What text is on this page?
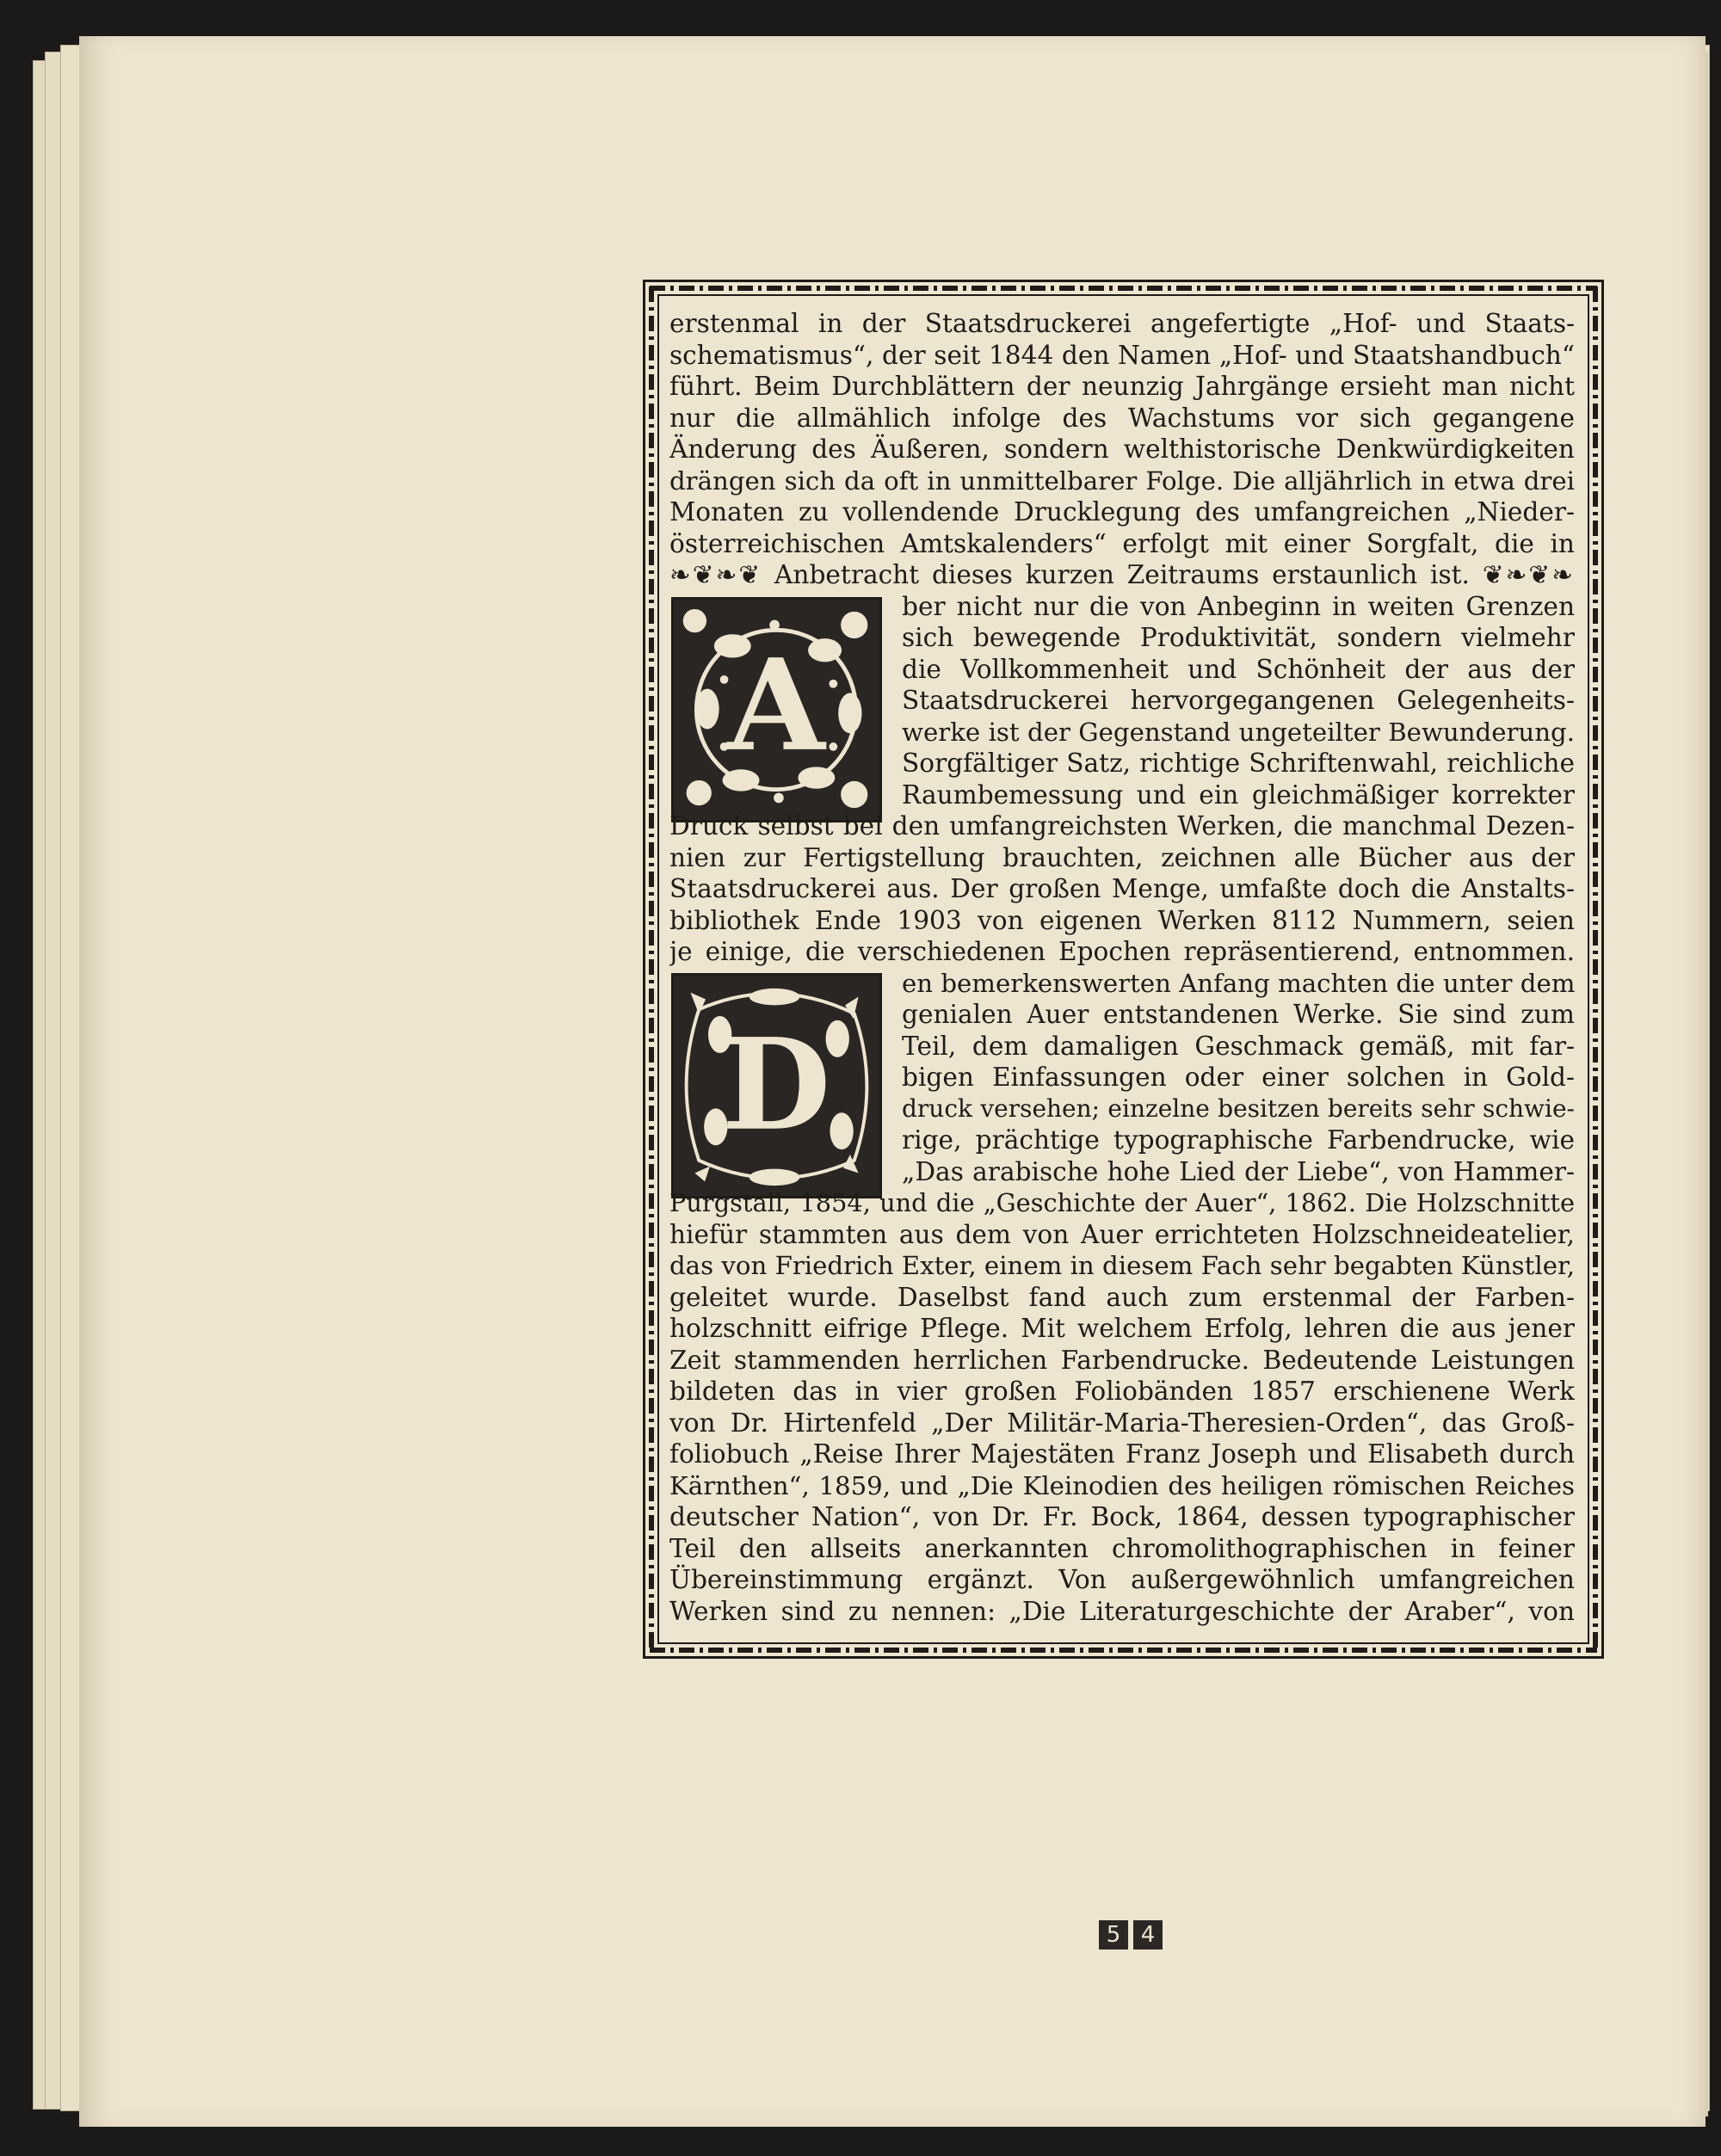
A
D
erstenmal in der Staatsdruckerei angefertigte „Hof- und Staats-
schematismus“, der seit 1844 den Namen „Hof- und Staatshandbuch“
führt. Beim Durchblättern der neunzig Jahrgänge ersieht man nicht
nur die allmählich infolge des Wachstums vor sich gegangene
Änderung des Äußeren, sondern welthistorische Denkwürdigkeiten
drängen sich da oft in unmittelbarer Folge. Die alljährlich in etwa drei
Monaten zu vollendende Drucklegung des umfangreichen „Nieder-
österreichischen Amtskalenders“ erfolgt mit einer Sorgfalt, die in
❧❦❧❦ Anbetracht dieses kurzen Zeitraums erstaunlich ist. ❦❧❦❧
ber nicht nur die von Anbeginn in weiten Grenzen
sich bewegende Produktivität, sondern vielmehr
die Vollkommenheit und Schönheit der aus der
Staatsdruckerei hervorgegangenen Gelegenheits-
werke ist der Gegenstand ungeteilter Bewunderung.
Sorgfältiger Satz, richtige Schriftenwahl, reichliche
Raumbemessung und ein gleichmäßiger korrekter
Druck selbst bei den umfangreichsten Werken, die manchmal Dezen-
nien zur Fertigstellung brauchten, zeichnen alle Bücher aus der
Staatsdruckerei aus. Der großen Menge, umfaßte doch die Anstalts-
bibliothek Ende 1903 von eigenen Werken 8112 Nummern, seien
je einige, die verschiedenen Epochen repräsentierend, entnommen.
en bemerkenswerten Anfang machten die unter dem
genialen Auer entstandenen Werke. Sie sind zum
Teil, dem damaligen Geschmack gemäß, mit far-
bigen Einfassungen oder einer solchen in Gold-
druck versehen; einzelne besitzen bereits sehr schwie-
rige, prächtige typographische Farbendrucke, wie
„Das arabische hohe Lied der Liebe“, von Hammer-
Purgstall, 1854, und die „Geschichte der Auer“, 1862. Die Holzschnitte
hiefür stammten aus dem von Auer errichteten Holzschneideatelier,
das von Friedrich Exter, einem in diesem Fach sehr begabten Künstler,
geleitet wurde. Daselbst fand auch zum erstenmal der Farben-
holzschnitt eifrige Pflege. Mit welchem Erfolg, lehren die aus jener
Zeit stammenden herrlichen Farbendrucke. Bedeutende Leistungen
bildeten das in vier großen Foliobänden 1857 erschienene Werk
von Dr. Hirtenfeld „Der Militär-Maria-Theresien-Orden“, das Groß-
foliobuch „Reise Ihrer Majestäten Franz Joseph und Elisabeth durch
Kärnthen“, 1859, und „Die Kleinodien des heiligen römischen Reiches
deutscher Nation“, von Dr. Fr. Bock, 1864, dessen typographischer
Teil den allseits anerkannten chromolithographischen in feiner
Übereinstimmung ergänzt. Von außergewöhnlich umfangreichen
Werken sind zu nennen: „Die Literaturgeschichte der Araber“, von
5 4
